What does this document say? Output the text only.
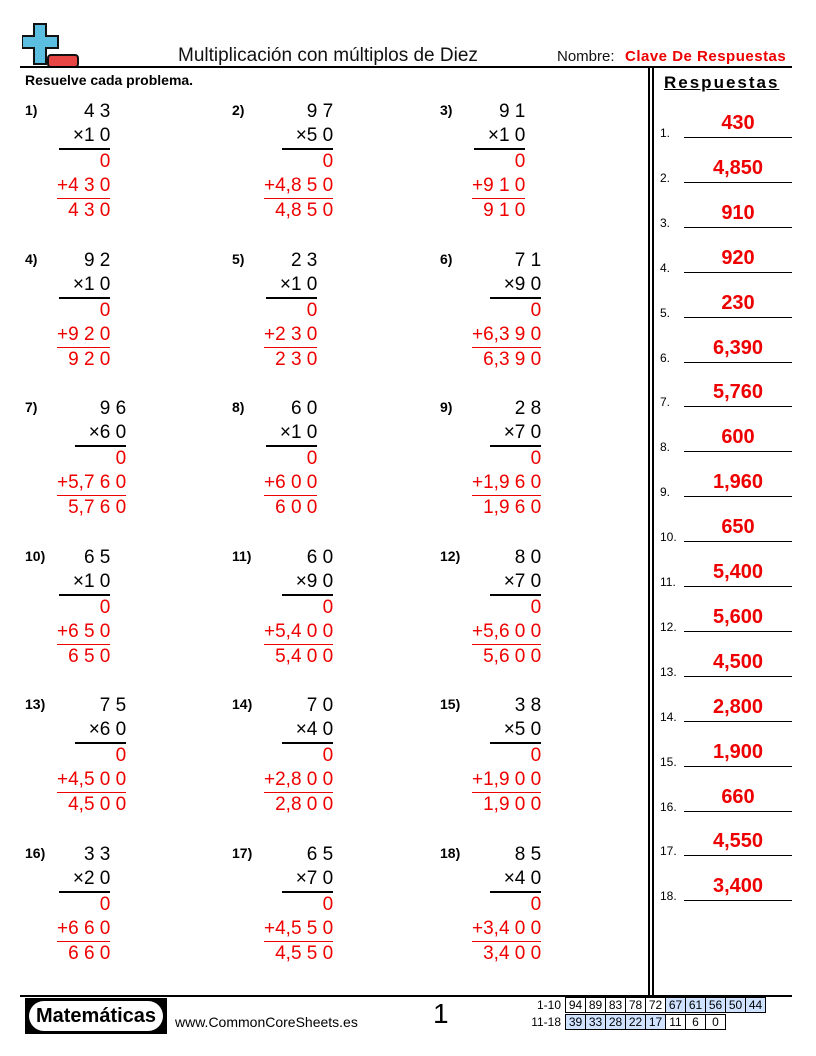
Multiplicación con múltiplos de Diez	Nombre: Clave De Respuestas
Resuelve cada problema.	Respuestas
1)	4 3
×1 0

0
+4 3 0

4 3 0
2)	9 7
×5 0

0
+4,8 5 0

4,8 5 0
3)	9 1
×1 0

0
+9 1 0

9 1 0
4)	9 2
×1 0

0
+9 2 0

9 2 0
5)	2 3
×1 0

0
+2 3 0

2 3 0
6)	7 1
×9 0

0
+6,3 9 0

6,3 9 0
7)	9 6
×6 0

0
+5,7 6 0

5,7 6 0
8)	6 0
×1 0

0
+6 0 0

6 0 0
9)	2 8
×7 0

0
+1,9 6 0

1,9 6 0
10)	6 5
×1 0

0
+6 5 0

6 5 0
11)	6 0
×9 0

0
+5,4 0 0

5,4 0 0
12)	8 0
×7 0

0
+5,6 0 0

5,6 0 0
13)	7 5
×6 0

0
+4,5 0 0

4,5 0 0
14)	7 0
×4 0

0
+2,8 0 0

2,8 0 0
15)	3 8
×5 0

0
+1,9 0 0

1,9 0 0
16)	3 3
×2 0

0
+6 6 0

6 6 0
17)	6 5
×7 0

0
+4,5 5 0

4,5 5 0
18)	8 5
×4 0

0
+3,4 0 0

3,4 0 0
1.	430
2.	4,850
3.	910
4.	920
5.	230
6.	6,390
7.	5,760
8.	600
9.	1,960
10.	650
11.	5,400
12.	5,600
13.	4,500
14.	2,800
15.	1,900
16.	660
17.	4,550
18.	3,400
Matemáticas	www.CommonCoreSheets.es	1	1-10 94	89	83	78	72	67	61	56	50	44
11-18 39	33	28	22	17	11	6	0
